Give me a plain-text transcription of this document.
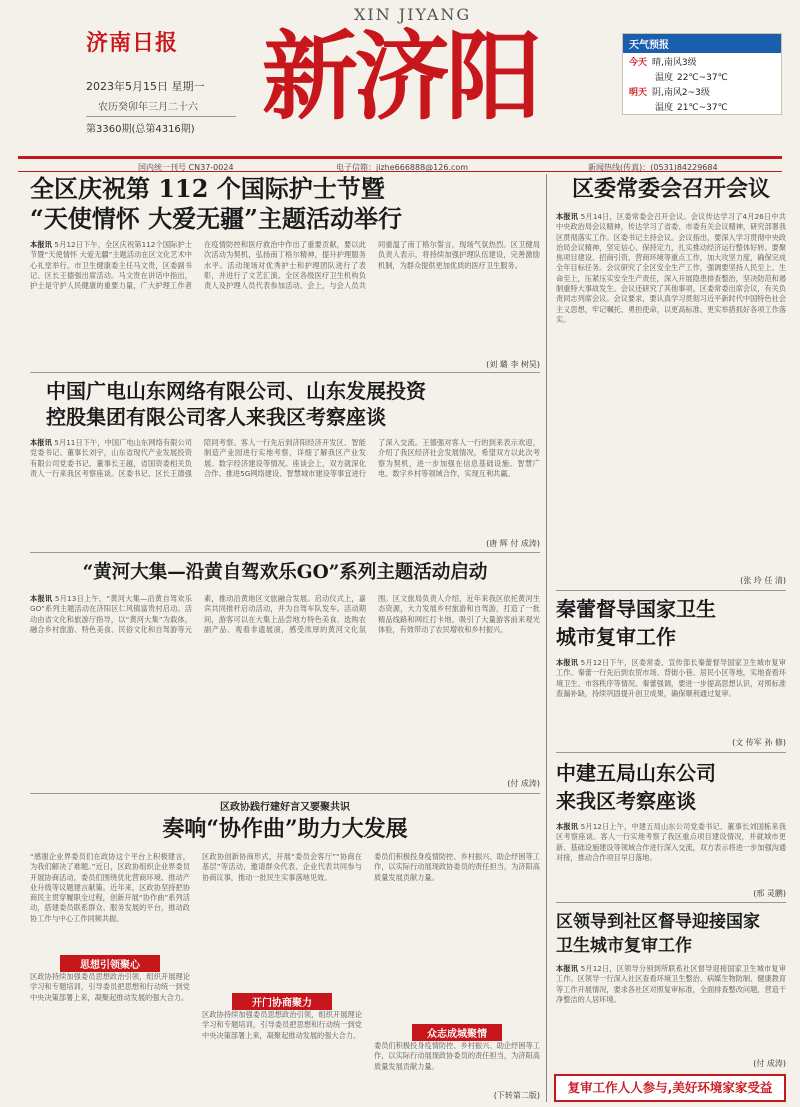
济南日报
2023年5月15日 星期一
农历癸卯年三月二十六
第3360期(总第4316期)
XIN JIYANG
新济阳	天气预报
今天 晴,南风3级
温度 22℃~37℃
明天 阴,南风2~3级
温度 21℃~37℃
国内统一刊号 CN37-0024	电子信箱：jizhe666888@126.com	新闻热线(传真)：(0531)84229684
全区庆祝第 112 个国际护士节暨
“天使情怀 大爱无疆”主题活动举行
本报讯 5月12日下午，全区庆祝第112个国际护士节暨“天使情怀 大爱无疆”主题活动在区文化艺术中心礼堂举行。市卫生健康委主任马文贵，区委副书记、区长王德强出席活动。马文贵在讲话中指出，护士是守护人民健康的重要力量，广大护理工作者在疫情防控和医疗救治中作出了重要贡献，要以此次活动为契机，弘扬南丁格尔精神，提升护理服务水平。活动现场对优秀护士和护理团队进行了表彰，并进行了文艺汇演。全区各级医疗卫生机构负责人及护理人员代表参加活动。会上，与会人员共同重温了南丁格尔誓言，现场气氛热烈。区卫健局负责人表示，将持续加强护理队伍建设，完善激励机制，为群众提供更加优质的医疗卫生服务。
(刘 璐 李 树昊)
中国广电山东网络有限公司、山东发展投资
控股集团有限公司客人来我区考察座谈
本报讯 5月11日下午，中国广电山东网络有限公司党委书记、董事长刘宇，山东省现代产业发展投资有限公司党委书记、董事长王越，省国资委相关负责人一行来我区考察座谈。区委书记、区长王德强陪同考察。客人一行先后到济阳经济开发区、智能制造产业园进行实地考察，详细了解我区产业发展、数字经济建设等情况。座谈会上，双方就深化合作、推进5G网络建设、智慧城市建设等事宜进行了深入交流。王德强对客人一行的到来表示欢迎，介绍了我区经济社会发展情况，希望双方以此次考察为契机，进一步加强在信息基础设施、智慧广电、数字乡村等领域合作，实现互利共赢。
(唐 辉 付 成涛)
“黄河大集—沿黄自驾欢乐GO”系列主题活动启动
本报讯 5月13日上午，“黄河大集—沿黄自驾欢乐GO”系列主题活动在济阳区仁风镇富贵村启动。活动由省文化和旅游厅指导，以“黄河大集”为载体，融合乡村旅游、特色美食、民俗文化和自驾游等元素，推动沿黄地区文旅融合发展。启动仪式上，嘉宾共同推杆启动活动，并为自驾车队发车。活动期间，游客可以在大集上品尝地方特色美食、选购农副产品、观看非遗展演，感受浓厚的黄河文化氛围。区文旅局负责人介绍，近年来我区依托黄河生态资源，大力发展乡村旅游和自驾游，打造了一批精品线路和网红打卡地，吸引了大量游客前来观光体验，有效带动了农民增收和乡村振兴。
(付 成涛)
区政协践行建好言又要聚共识
奏响“协作曲”助力大发展
“感谢企业界委员们在政协这个平台上积极建言，为我们解决了难题。”近日，区政协组织企业界委员开展协商活动，委员们围绕优化营商环境、推动产业升级等议题建言献策。近年来，区政协坚持把协商民主贯穿履职全过程，创新开展“协作曲”系列活动，搭建委员联系群众、服务发展的平台，推动政协工作与中心工作同频共振。
思想引领聚心
区政协持续加强委员思想政治引领，组织开展理论学习和专题培训，引导委员把思想和行动统一到党中央决策部署上来，凝聚起推动发展的强大合力。
区政协创新协商形式，开展“委员会客厅”“协商在基层”等活动，邀请群众代表、企业代表共同参与协商议事，推动一批民生实事落地见效。
开门协商聚力
区政协持续加强委员思想政治引领，组织开展理论学习和专题培训，引导委员把思想和行动统一到党中央决策部署上来，凝聚起推动发展的强大合力。
委员们积极投身疫情防控、乡村振兴、助企纾困等工作，以实际行动展现政协委员的责任担当，为济阳高质量发展贡献力量。
众志成城聚情
委员们积极投身疫情防控、乡村振兴、助企纾困等工作，以实际行动展现政协委员的责任担当，为济阳高质量发展贡献力量。
(下转第二版)
区委常委会召开会议
本报讯 5月14日，区委常委会召开会议。会议传达学习了4月26日中共中央政治局会议精神，传达学习了省委、市委有关会议精神，研究部署我区贯彻落实工作。区委书记主持会议。会议指出，要深入学习贯彻中央政治局会议精神，坚定信心、保持定力，扎实推动经济运行整体好转。要聚焦项目建设、招商引资、营商环境等重点工作，加大攻坚力度，确保完成全年目标任务。会议研究了全区安全生产工作，强调要坚持人民至上、生命至上，压紧压实安全生产责任，深入开展隐患排查整治，坚决防范和遏制重特大事故发生。会议还研究了其他事项。区委常委出席会议，有关负责同志列席会议。会议要求，要认真学习贯彻习近平新时代中国特色社会主义思想，牢记嘱托、勇担使命，以更高标准、更实举措抓好各项工作落实。
(张 玲 任 清)
秦蕾督导国家卫生
城市复审工作
本报讯 5月12日下午，区委常委、宣传部长秦蕾督导国家卫生城市复审工作。秦蕾一行先后到农贸市场、背街小巷、居民小区等地，实地查看环境卫生、市容秩序等情况。秦蕾强调，要进一步提高思想认识，对照标准查漏补缺，持续巩固提升创卫成果，确保顺利通过复审。
(文 传军 孙 修)
中建五局山东公司
来我区考察座谈
本报讯 5月12日上午，中建五局山东公司党委书记、董事长刘国栋来我区考察座谈。客人一行实地考察了我区重点项目建设情况，并就城市更新、基础设施建设等领域合作进行深入交流，双方表示将进一步加强沟通对接，推动合作项目早日落地。
(邢 灵鹏)
区领导到社区督导迎接国家
卫生城市复审工作
本报讯 5月12日，区领导分别到所联系社区督导迎接国家卫生城市复审工作。区领导一行深入社区查看环境卫生整治、病媒生物防制、健康教育等工作开展情况，要求各社区对照复审标准，全面排查整改问题，营造干净整洁的人居环境。
(付 成涛)
复审工作人人参与,美好环境家家受益
